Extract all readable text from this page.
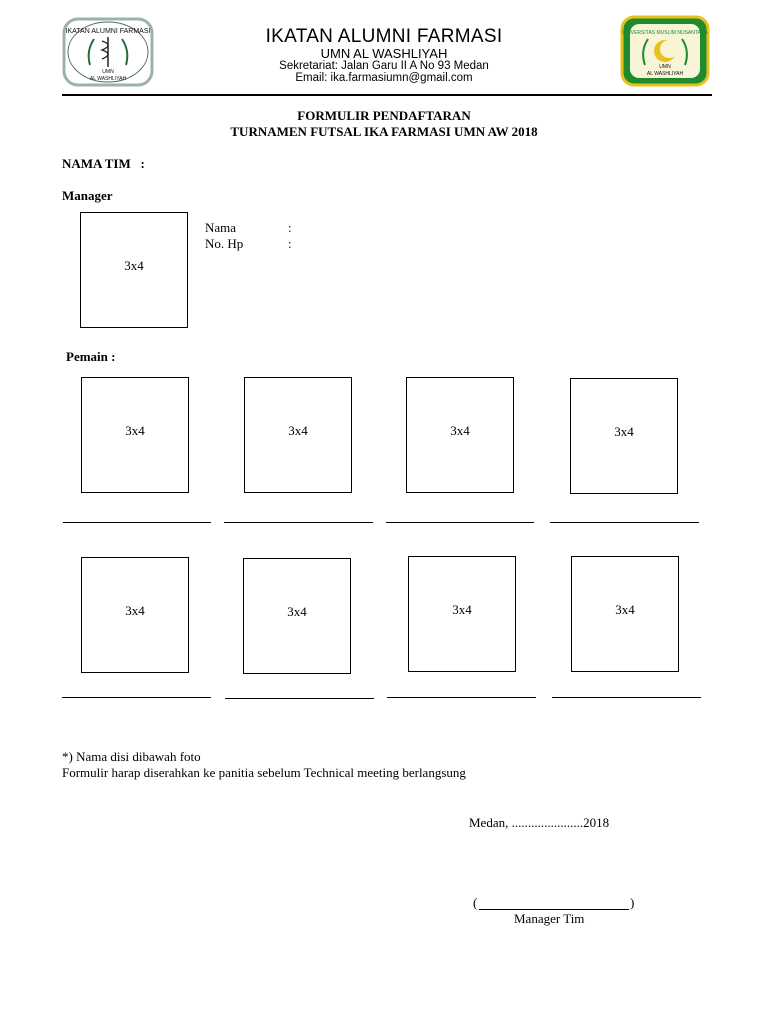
IKATAN ALUMNI FARMASI
UMN
AL WASHLIYAH
UNIVERSITAS MUSLIM NUSANTARA
UMN
AL WASHLIYAH
IKATAN ALUMNI FARMASI
UMN AL WASHLIYAH
Sekretariat: Jalan Garu II A No 93 Medan
Email: ika.farmasiumn@gmail.com
FORMULIR PENDAFTARAN
TURNAMEN FUTSAL IKA FARMASI UMN AW 2018
NAMA TIM   :
Manager
3x4
Nama	:
No. Hp	:
Pemain :
3x4	3x4	3x4	3x4
3x4	3x4	3x4	3x4
*) Nama disi dibawah foto
Formulir harap diserahkan ke panitia sebelum Technical meeting berlangsung
Medan, ......................2018
(	)
Manager Tim
